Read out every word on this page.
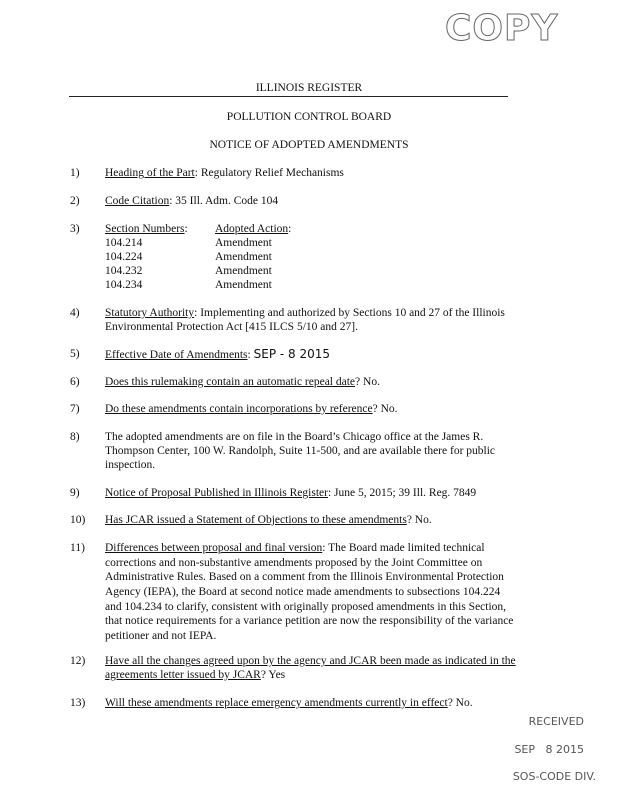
COPY
ILLINOIS REGISTER
POLLUTION CONTROL BOARD
NOTICE OF ADOPTED AMENDMENTS
1) Heading of the Part: Regulatory Relief Mechanisms
2) Code Citation: 35 Ill. Adm. Code 104
3) Section Numbers: Adopted Action:
104.214	Amendment
104.224	Amendment
104.232	Amendment
104.234	Amendment
4) Statutory Authority: Implementing and authorized by Sections 10 and 27 of the Illinois
Environmental Protection Act [415 ILCS 5/10 and 27].
5) Effective Date of Amendments: SEP - 8 2015
6) Does this rulemaking contain an automatic repeal date? No.
7) Do these amendments contain incorporations by reference? No.
8) The adopted amendments are on file in the Board’s Chicago office at the James R.
Thompson Center, 100 W. Randolph, Suite 11-500, and are available there for public
inspection.
9) Notice of Proposal Published in Illinois Register: June 5, 2015; 39 Ill. Reg. 7849
10) Has JCAR issued a Statement of Objections to these amendments? No.
11) Differences between proposal and final version: The Board made limited technical
corrections and non-substantive amendments proposed by the Joint Committee on
Administrative Rules. Based on a comment from the Illinois Environmental Protection
Agency (IEPA), the Board at second notice made amendments to subsections 104.224
and 104.234 to clarify, consistent with originally proposed amendments in this Section,
that notice requirements for a variance petition are now the responsibility of the variance
petitioner and not IEPA.
12) Have all the changes agreed upon by the agency and JCAR been made as indicated in the
agreements letter issued by JCAR? Yes
13) Will these amendments replace emergency amendments currently in effect? No.
RECEIVED
SEP   8 2015
SOS-CODE DIV.
